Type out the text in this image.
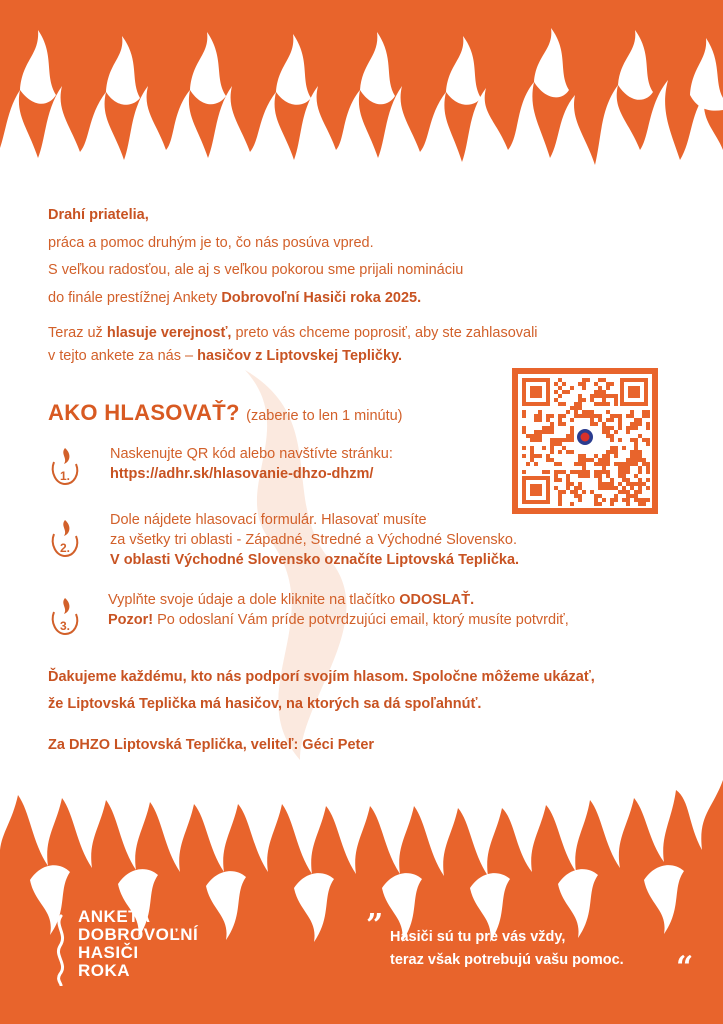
Drahí priatelia,
práca a pomoc druhým je to, čo nás posúva vpred.
S veľkou radosťou, ale aj s veľkou pokorou sme prijali nomináciu
do finále prestížnej Ankety Dobrovoľní Hasiči roka 2025.

Teraz už hlasuje verejnosť, preto vás chceme poprosiť, aby ste zahlasovali
v tejto ankete za nás – hasičov z Liptovskej Tepličky.

AKO HLASOVAŤ? (zaberie to len 1 minútu)
1.

Naskenujte QR kód alebo navštívte stránku:
https://adhr.sk/hlasovanie-dhzo-dhzm/

2.

Dole nájdete hlasovací formulár. Hlasovať musíte
za všetky tri oblasti - Západné, Stredné a Východné Slovensko.
V oblasti Východné Slovensko označíte Liptovská Teplička.

3.

Vyplňte svoje údaje a dole kliknite na tlačítko ODOSLAŤ.
Pozor! Po odoslaní Vám príde potvrdzujúci email, ktorý musíte potvrdiť,

Ďakujeme každému, kto nás podporí svojím hlasom. Spoločne môžeme ukázať,
že Liptovská Teplička má hasičov, na ktorých sa dá spoľahnúť.

Za DHZO Liptovská Teplička, veliteľ: Géci Peter

ANKETA
DOBROVOĽNÍ
HASIČI
ROKA
” Hasiči sú tu pre vás vždy,
teraz však potrebujú vašu pomoc.	“
